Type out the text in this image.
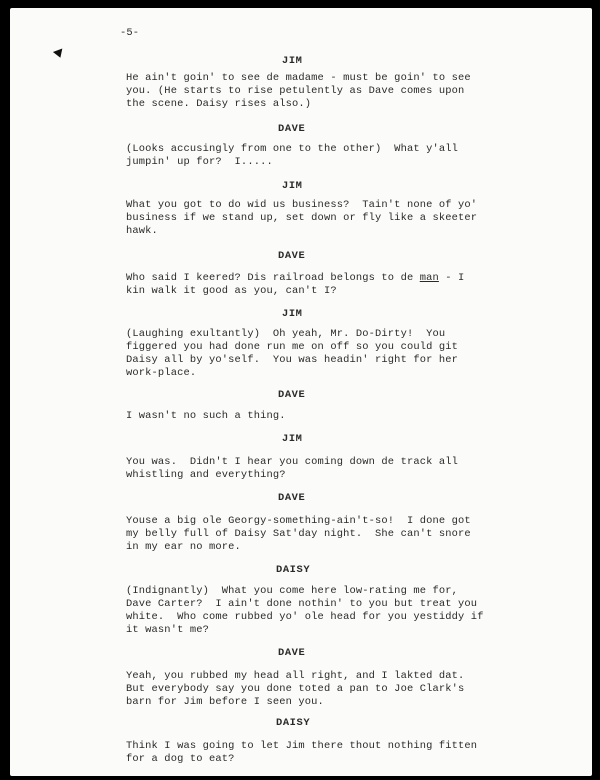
-5-
JIM
He ain't goin' to see de madame - must be goin' to see
you. (He starts to rise petulently as Dave comes upon
the scene. Daisy rises also.)
DAVE
(Looks accusingly from one to the other)  What y'all
jumpin' up for?  I.....
JIM
What you got to do wid us business?  Tain't none of yo'
business if we stand up, set down or fly like a skeeter
hawk.
DAVE
Who said I keered? Dis railroad belongs to de man - I
kin walk it good as you, can't I?
JIM
(Laughing exultantly)  Oh yeah, Mr. Do-Dirty!  You
figgered you had done run me on off so you could git
Daisy all by yo'self.  You was headin' right for her
work-place.
DAVE
I wasn't no such a thing.
JIM
You was.  Didn't I hear you coming down de track all
whistling and everything?
DAVE
Youse a big ole Georgy-something-ain't-so!  I done got
my belly full of Daisy Sat'day night.  She can't snore
in my ear no more.
DAISY
(Indignantly)  What you come here low-rating me for,
Dave Carter?  I ain't done nothin' to you but treat you
white.  Who come rubbed yo' ole head for you yestiddy if
it wasn't me?
DAVE
Yeah, you rubbed my head all right, and I lakted dat.
But everybody say you done toted a pan to Joe Clark's
barn for Jim before I seen you.
DAISY
Think I was going to let Jim there thout nothing fitten
for a dog to eat?
